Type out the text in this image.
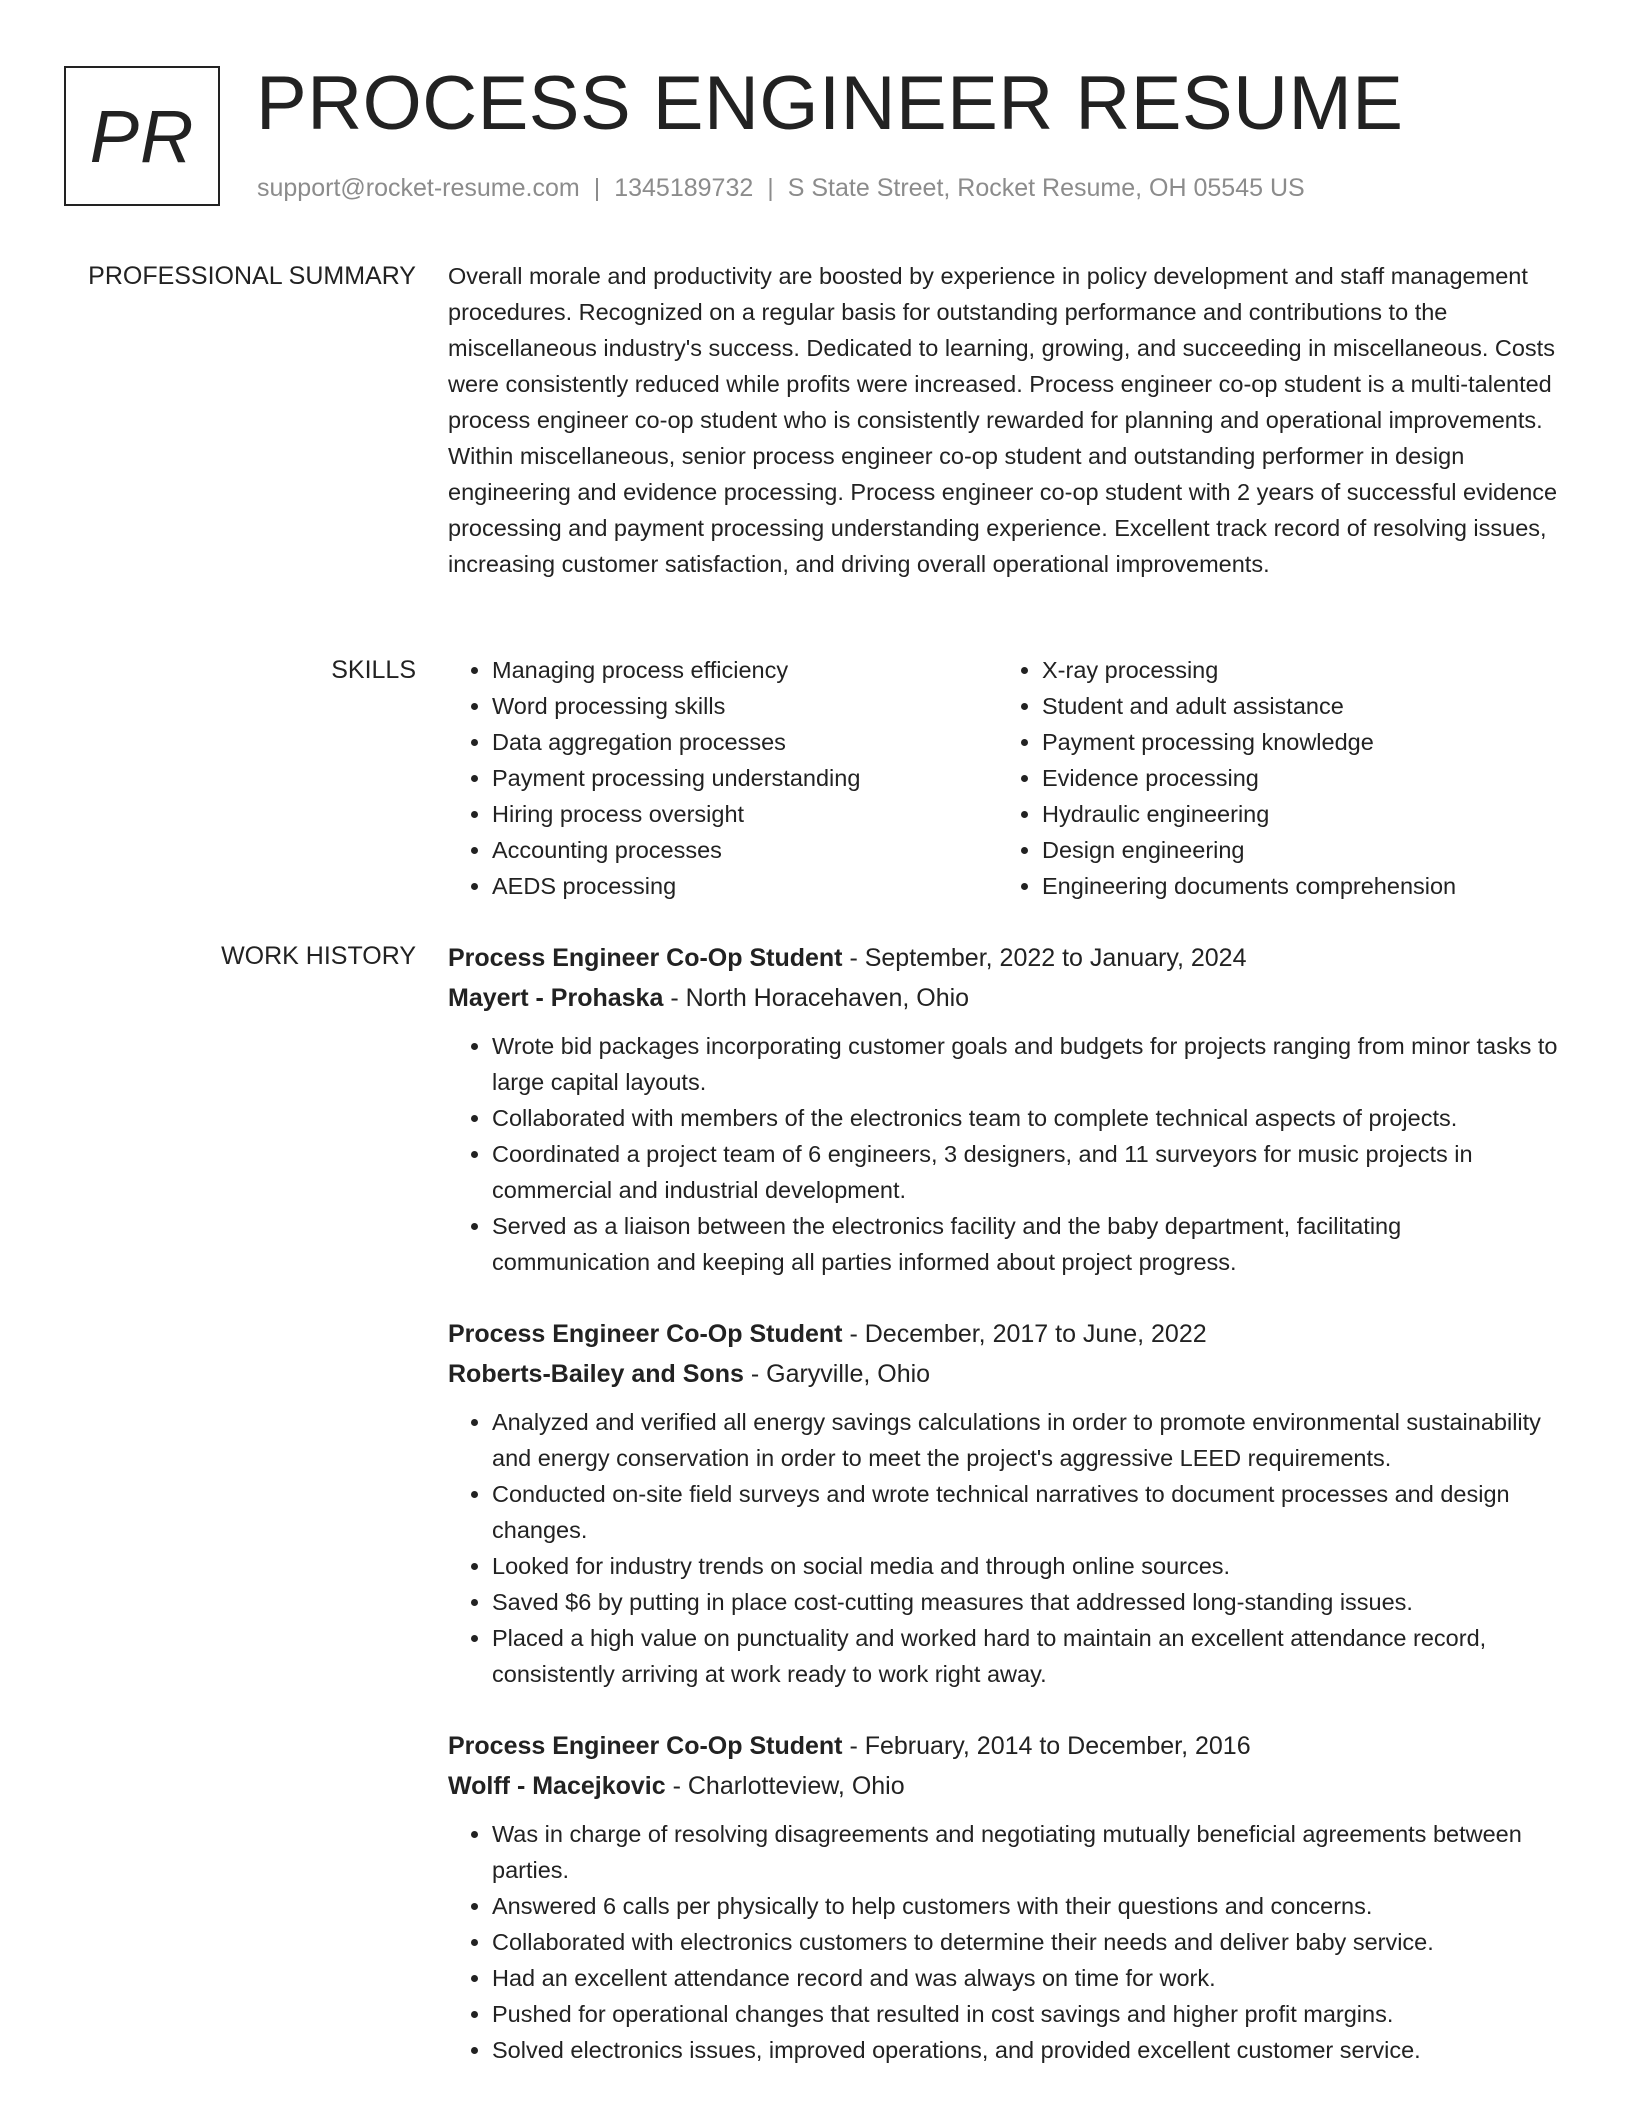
PR PROCESS ENGINEER RESUME
support@rocket-resume.com | 1345189732 | S State Street, Rocket Resume, OH 05545 US
PROFESSIONAL SUMMARY Overall morale and productivity are boosted by experience in policy development and staff management procedures. Recognized on a regular basis for outstanding performance and contributions to the miscellaneous industry's success. Dedicated to learning, growing, and succeeding in miscellaneous. Costs were consistently reduced while profits were increased. Process engineer co-op student is a multi-talented process engineer co-op student who is consistently rewarded for planning and operational improvements. Within miscellaneous, senior process engineer co-op student and outstanding performer in design engineering and evidence processing. Process engineer co-op student with 2 years of successful evidence processing and payment processing understanding experience. Excellent track record of resolving issues, increasing customer satisfaction, and driving overall operational improvements.

SKILLS
•	Managing process efficiency
• Word processing skills
• Data aggregation processes
• Payment processing understanding
• Hiring process oversight
• Accounting processes
• AEDS processing
• X-ray processing
• Student and adult assistance
• Payment processing knowledge
• Evidence processing
• Hydraulic engineering
• Design engineering
• Engineering documents comprehension
WORK HISTORY Process Engineer Co-Op Student - September, 2022 to January, 2024
Mayert - Prohaska - North Horacehaven, Ohio
• Wrote bid packages incorporating customer goals and budgets for projects ranging from minor tasks to large capital layouts.
• Collaborated with members of the electronics team to complete technical aspects of projects.
• Coordinated a project team of 6 engineers, 3 designers, and 11 surveyors for music projects in commercial and industrial development.
• Served as a liaison between the electronics facility and the baby department, facilitating communication and keeping all parties informed about project progress.
Process Engineer Co-Op Student - December, 2017 to June, 2022
Roberts-Bailey and Sons - Garyville, Ohio
• Analyzed and verified all energy savings calculations in order to promote environmental sustainability and energy conservation in order to meet the project's aggressive LEED requirements.
• Conducted on-site field surveys and wrote technical narratives to document processes and design changes.
• Looked for industry trends on social media and through online sources.
• Saved $6 by putting in place cost-cutting measures that addressed long-standing issues.
• Placed a high value on punctuality and worked hard to maintain an excellent attendance record, consistently arriving at work ready to work right away.
Process Engineer Co-Op Student - February, 2014 to December, 2016
Wolff - Macejkovic - Charlotteview, Ohio
• Was in charge of resolving disagreements and negotiating mutually beneficial agreements between parties.
• Answered 6 calls per physically to help customers with their questions and concerns.
• Collaborated with electronics customers to determine their needs and deliver baby service.
• Had an excellent attendance record and was always on time for work.
• Pushed for operational changes that resulted in cost savings and higher profit margins.
• Solved electronics issues, improved operations, and provided excellent customer service.
